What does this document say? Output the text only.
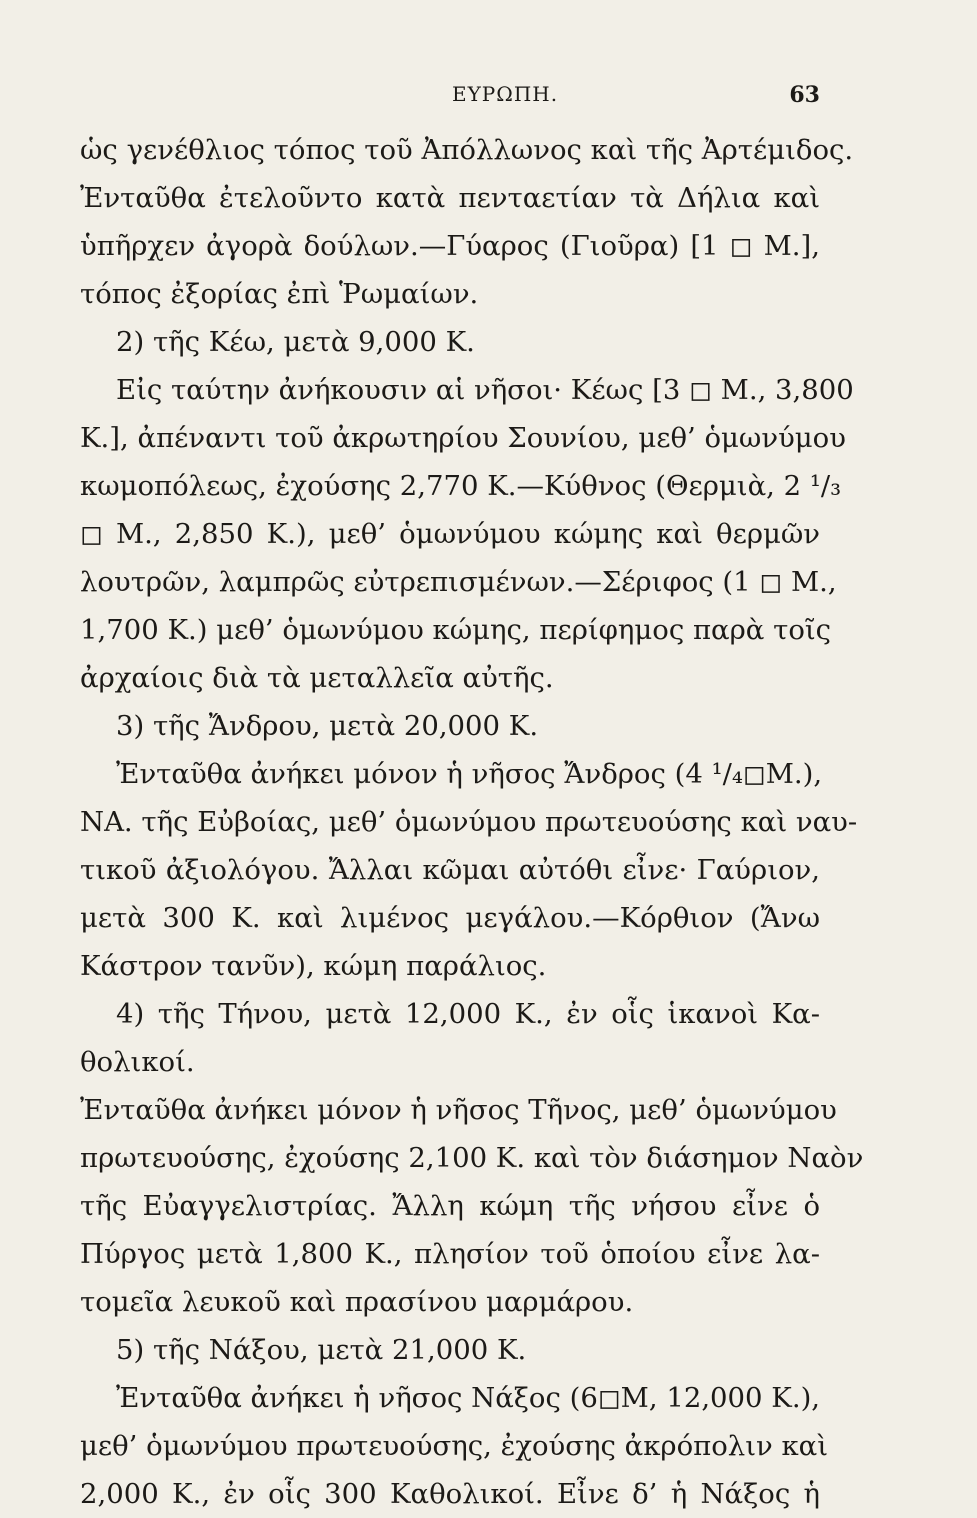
ΕΥΡΩΠΗ.	63
ὡς γενέθλιος τόπος τοῦ Ἀπόλλωνος καὶ τῆς Ἀρτέμιδος.
Ἐνταῦθα ἐτελοῦντο κατὰ πενταετίαν τὰ Δήλια καὶ
ὑπῆρχεν ἀγορὰ δούλων.—Γύαρος (Γιοῦρα) [1 ◻ Μ.],
τόπος ἐξορίας ἐπὶ Ῥωμαίων.
2) τῆς Κέω, μετὰ 9,000 Κ.
Εἰς ταύτην ἀνήκουσιν αἱ νῆσοι· Κέως [3 ◻ Μ., 3,800
Κ.], ἀπέναντι τοῦ ἀκρωτηρίου Σουνίου, μεθ’ ὁμωνύμου
κωμοπόλεως, ἐχούσης 2,770 Κ.—Κύθνος (Θερμιὰ, 2 ¹/₃
◻ Μ., 2,850 Κ.), μεθ’ ὁμωνύμου κώμης καὶ θερμῶν
λουτρῶν, λαμπρῶς εὐτρεπισμένων.—Σέριφος (1 ◻ Μ.,
1,700 Κ.) μεθ’ ὁμωνύμου κώμης, περίφημος παρὰ τοῖς
ἀρχαίοις διὰ τὰ μεταλλεῖα αὐτῆς.
3) τῆς Ἄνδρου, μετὰ 20,000 Κ.
Ἐνταῦθα ἀνήκει μόνον ἡ νῆσος Ἄνδρος (4 ¹/₄◻Μ.),
ΝΑ. τῆς Εὐβοίας, μεθ’ ὁμωνύμου πρωτευούσης καὶ ναυ-
τικοῦ ἀξιολόγου. Ἄλλαι κῶμαι αὐτόθι εἶνε· Γαύριον,
μετὰ 300 Κ. καὶ λιμένος μεγάλου.—Κόρθιον (Ἄνω
Κάστρον τανῦν), κώμη παράλιος.
4) τῆς Τήνου, μετὰ 12,000 Κ., ἐν οἷς ἱκανοὶ Κα-
θολικοί.
Ἐνταῦθα ἀνήκει μόνον ἡ νῆσος Τῆνος, μεθ’ ὁμωνύμου
πρωτευούσης, ἐχούσης 2,100 Κ. καὶ τὸν διάσημον Ναὸν
τῆς Εὐαγγελιστρίας. Ἄλλη κώμη τῆς νήσου εἶνε ὁ
Πύργος μετὰ 1,800 Κ., πλησίον τοῦ ὁποίου εἶνε λα-
τομεῖα λευκοῦ καὶ πρασίνου μαρμάρου.
5) τῆς Νάξου, μετὰ 21,000 Κ.
Ἐνταῦθα ἀνήκει ἡ νῆσος Νάξος (6◻Μ, 12,000 Κ.),
μεθ’ ὁμωνύμου πρωτευούσης, ἐχούσης ἀκρόπολιν καὶ
2,000 Κ., ἐν οἷς 300 Καθολικοί. Εἶνε δ’ ἡ Νάξος ἡ
